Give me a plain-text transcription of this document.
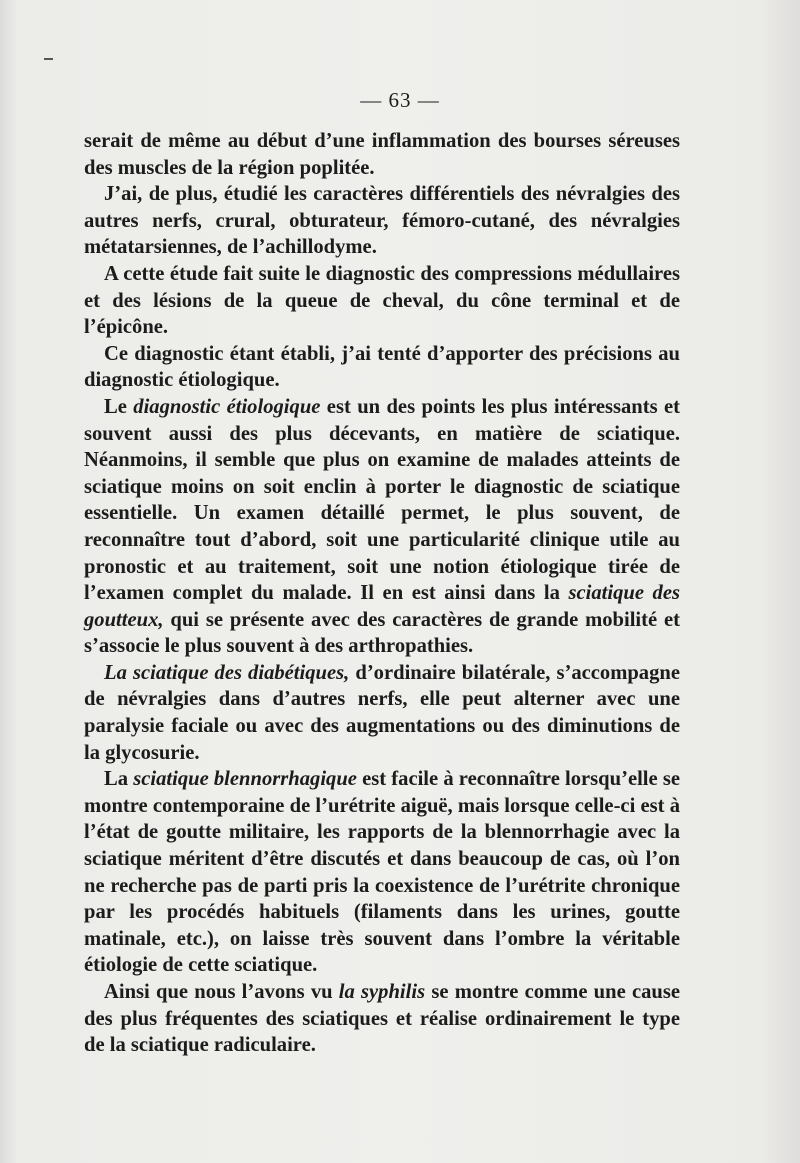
— 63 —

serait de même au début d’une inflammation des bourses séreuses des muscles de la région poplitée.

J’ai, de plus, étudié les caractères différentiels des névralgies des autres nerfs, crural, obturateur, fémoro-cutané, des névralgies métatarsiennes, de l’achillodyme.

A cette étude fait suite le diagnostic des compressions médullaires et des lésions de la queue de cheval, du cône terminal et de l’épicône.

Ce diagnostic étant établi, j’ai tenté d’apporter des précisions au diagnostic étiologique.

Le diagnostic étiologique est un des points les plus intéressants et souvent aussi des plus décevants, en matière de sciatique. Néanmoins, il semble que plus on examine de malades atteints de sciatique moins on soit enclin à porter le diagnostic de sciatique essentielle. Un examen détaillé permet, le plus souvent, de reconnaître tout d’abord, soit une particularité clinique utile au pronostic et au traitement, soit une notion étiologique tirée de l’examen complet du malade. Il en est ainsi dans la sciatique des goutteux, qui se présente avec des caractères de grande mobilité et s’associe le plus souvent à des arthropathies.

La sciatique des diabétiques, d’ordinaire bilatérale, s’accompagne de névralgies dans d’autres nerfs, elle peut alterner avec une paralysie faciale ou avec des augmentations ou des diminutions de la glycosurie.

La sciatique blennorrhagique est facile à reconnaître lorsqu’elle se montre contemporaine de l’urétrite aiguë, mais lorsque celle-ci est à l’état de goutte militaire, les rapports de la blennorrhagie avec la sciatique méritent d’être discutés et dans beaucoup de cas, où l’on ne recherche pas de parti pris la coexistence de l’urétrite chronique par les procédés habituels (filaments dans les urines, goutte matinale, etc.), on laisse très souvent dans l’ombre la véritable étiologie de cette sciatique.

Ainsi que nous l’avons vu la syphilis se montre comme une cause des plus fréquentes des sciatiques et réalise ordinairement le type de la sciatique radiculaire.
